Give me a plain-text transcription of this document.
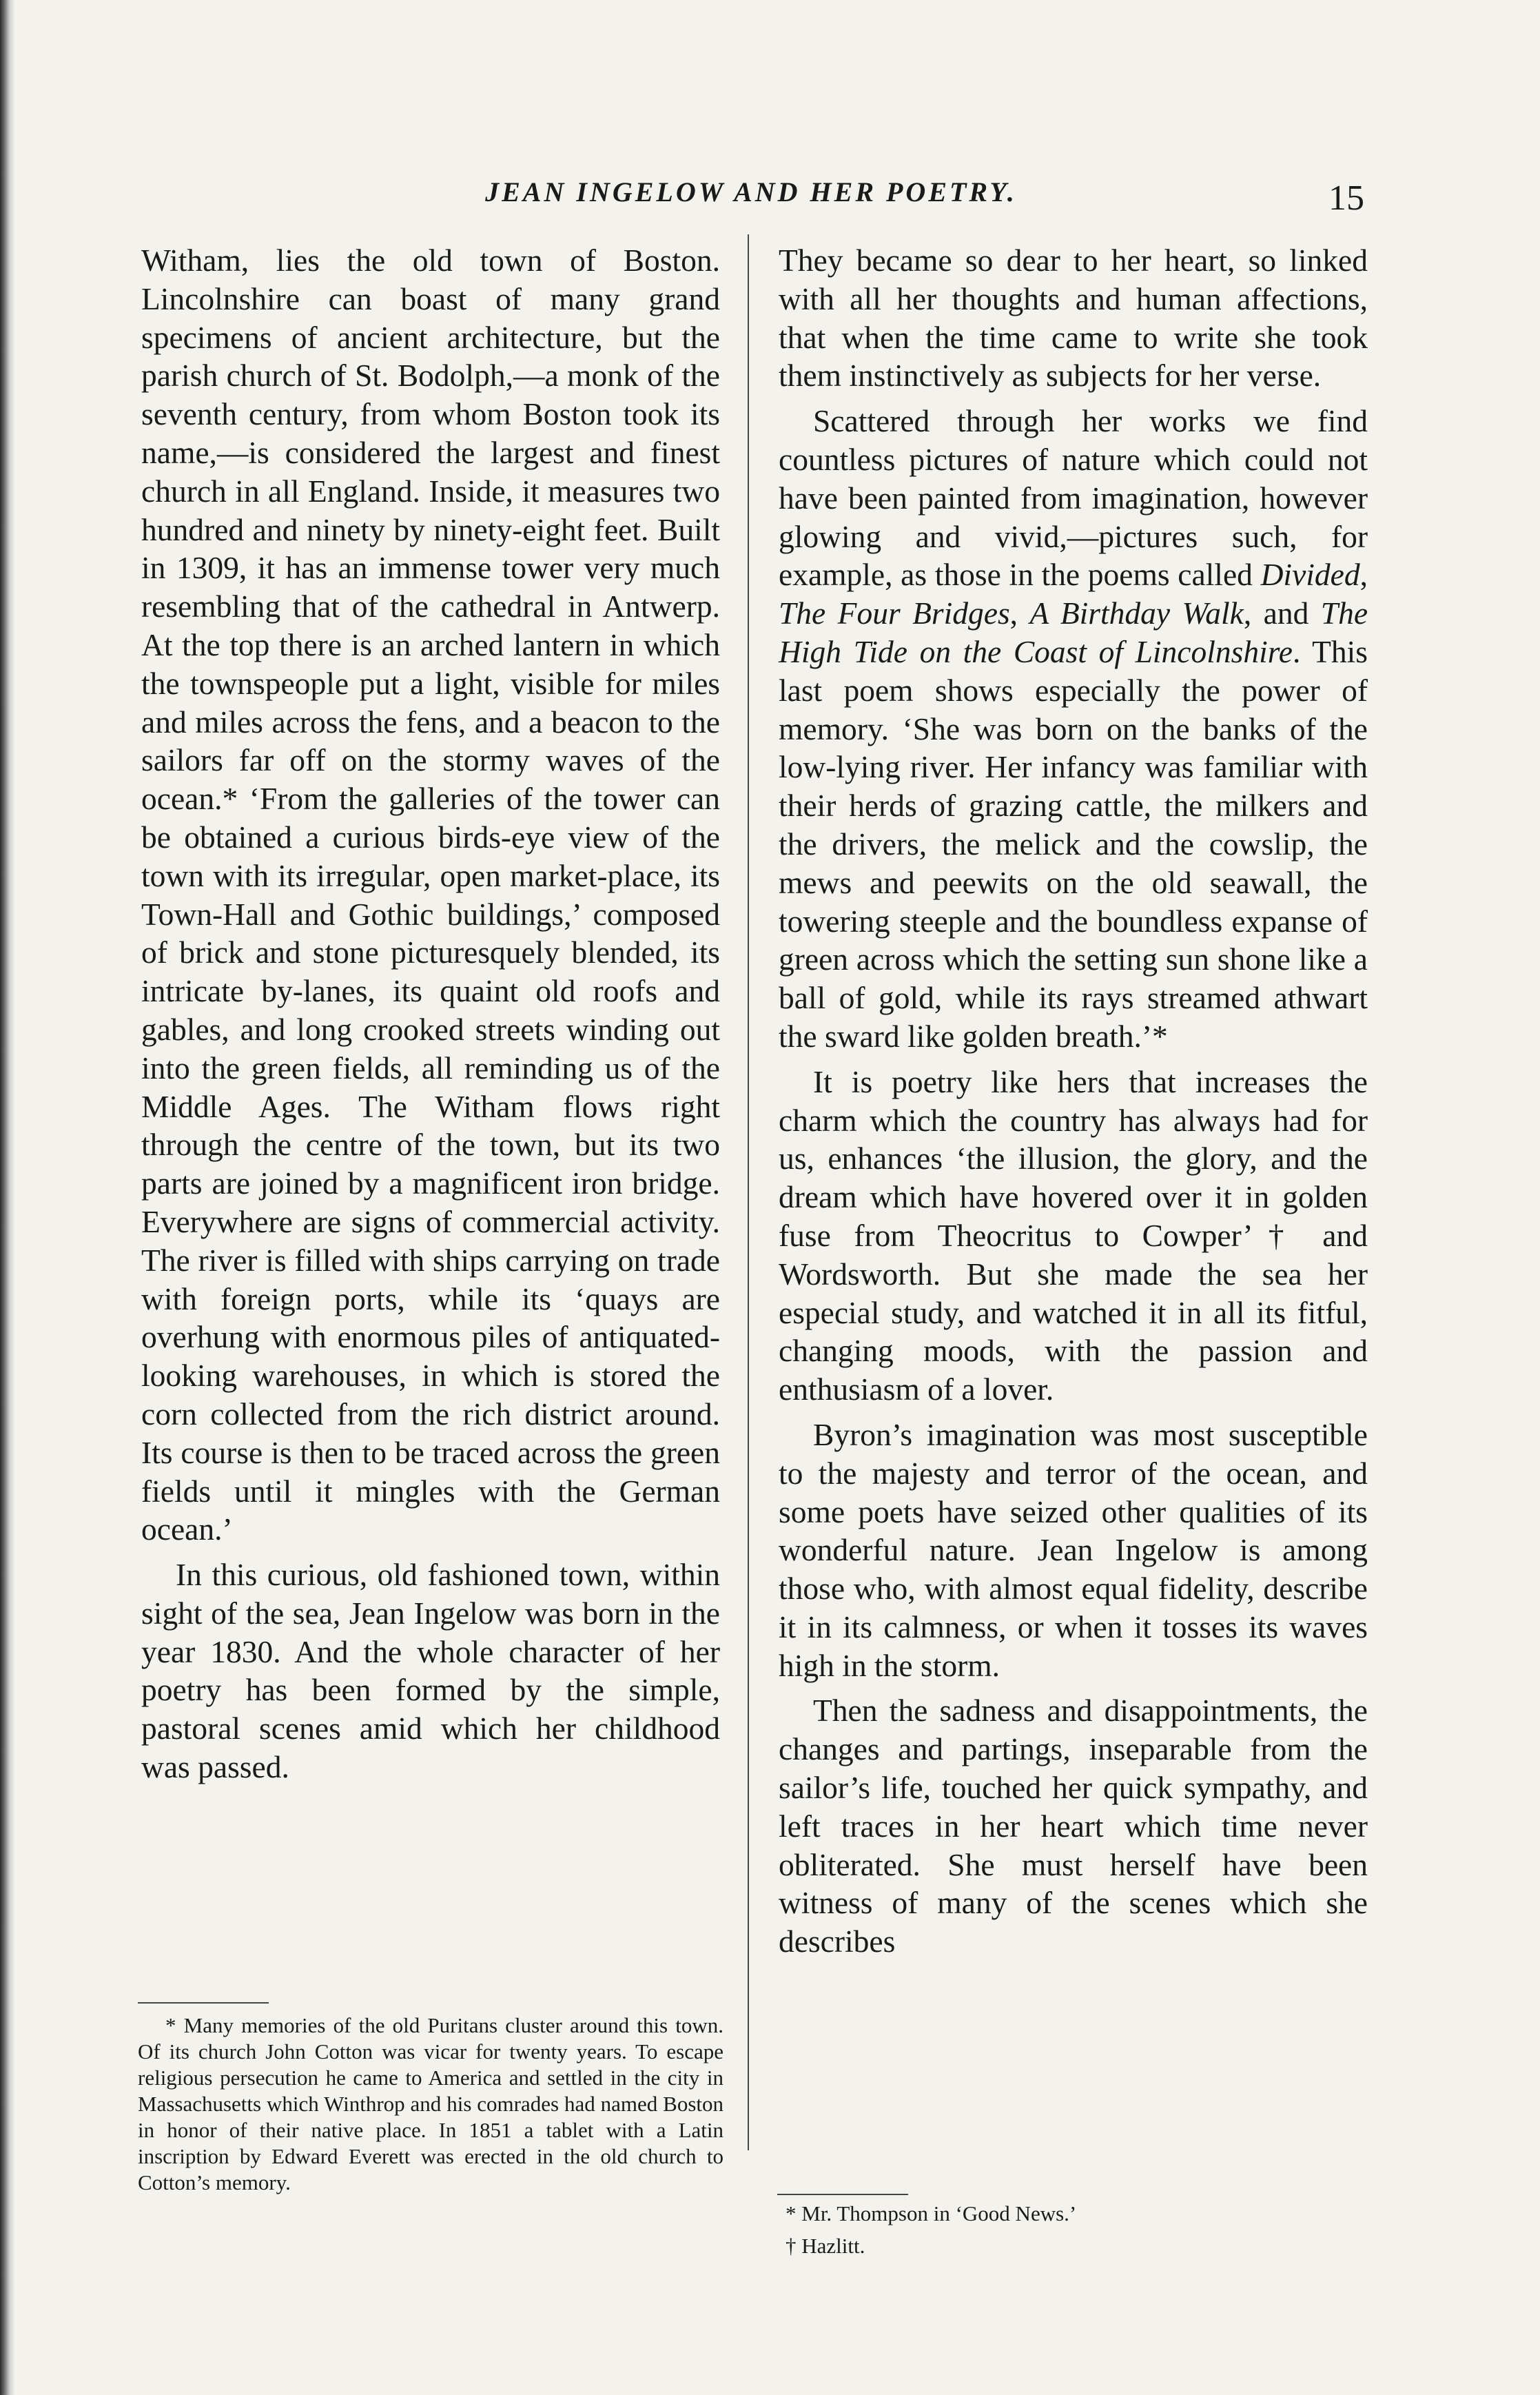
JEAN INGELOW AND HER POETRY.	15

Witham, lies the old town of Boston. Lincolnshire can boast of many grand specimens of ancient architecture, but the parish church of St. Bodolph,—a monk of the seventh century, from whom Boston took its name,—is considered the largest and finest church in all England. Inside, it measures two hundred and ninety by ninety-eight feet. Built in 1309, it has an immense tower very much resembling that of the cathedral in Antwerp. At the top there is an arched lantern in which the townspeople put a light, visible for miles and miles across the fens, and a beacon to the sailors far off on the stormy waves of the ocean.* ‘From the galleries of the tower can be obtained a curious birds-eye view of the town with its irregular, open market-place, its Town-Hall and Gothic buildings,’ composed of brick and stone picturesquely blended, its intricate by-lanes, its quaint old roofs and gables, and long crooked streets winding out into the green fields, all reminding us of the Middle Ages. The Witham flows right through the centre of the town, but its two parts are joined by a magnificent iron bridge. Everywhere are signs of commercial activity. The river is filled with ships carrying on trade with foreign ports, while its ‘quays are overhung with enormous piles of antiquated-looking warehouses, in which is stored the corn collected from the rich district around. Its course is then to be traced across the green fields until it mingles with the German ocean.’

In this curious, old fashioned town, within sight of the sea, Jean Ingelow was born in the year 1830. And the whole character of her poetry has been formed by the simple, pastoral scenes amid which her childhood was passed.

They became so dear to her heart, so linked with all her thoughts and human affections, that when the time came to write she took them instinctively as subjects for her verse.

Scattered through her works we find countless pictures of nature which could not have been painted from imagination, however glowing and vivid,—pictures such, for example, as those in the poems called Divided, The Four Bridges, A Birthday Walk, and The High Tide on the Coast of Lincolnshire. This last poem shows especially the power of memory. ‘She was born on the banks of the low-lying river. Her infancy was familiar with their herds of grazing cattle, the milkers and the drivers, the melick and the cowslip, the mews and peewits on the old seawall, the towering steeple and the boundless expanse of green across which the setting sun shone like a ball of gold, while its rays streamed athwart the sward like golden breath.’*

It is poetry like hers that increases the charm which the country has always had for us, enhances ‘the illusion, the glory, and the dream which have hovered over it in golden fuse from Theocritus to Cowper’† and Wordsworth. But she made the sea her especial study, and watched it in all its fitful, changing moods, with the passion and enthusiasm of a lover.

Byron’s imagination was most susceptible to the majesty and terror of the ocean, and some poets have seized other qualities of its wonderful nature. Jean Ingelow is among those who, with almost equal fidelity, describe it in its calmness, or when it tosses its waves high in the storm.

Then the sadness and disappointments, the changes and partings, inseparable from the sailor’s life, touched her quick sympathy, and left traces in her heart which time never obliterated. She must herself have been witness of many of the scenes which she describes

* Many memories of the old Puritans cluster around this town. Of its church John Cotton was vicar for twenty years. To escape religious persecution he came to America and settled in the city in Massachusetts which Winthrop and his comrades had named Boston in honor of their native place. In 1851 a tablet with a Latin inscription by Edward Everett was erected in the old church to Cotton’s memory.
* Mr. Thompson in ‘Good News.’
† Hazlitt.
